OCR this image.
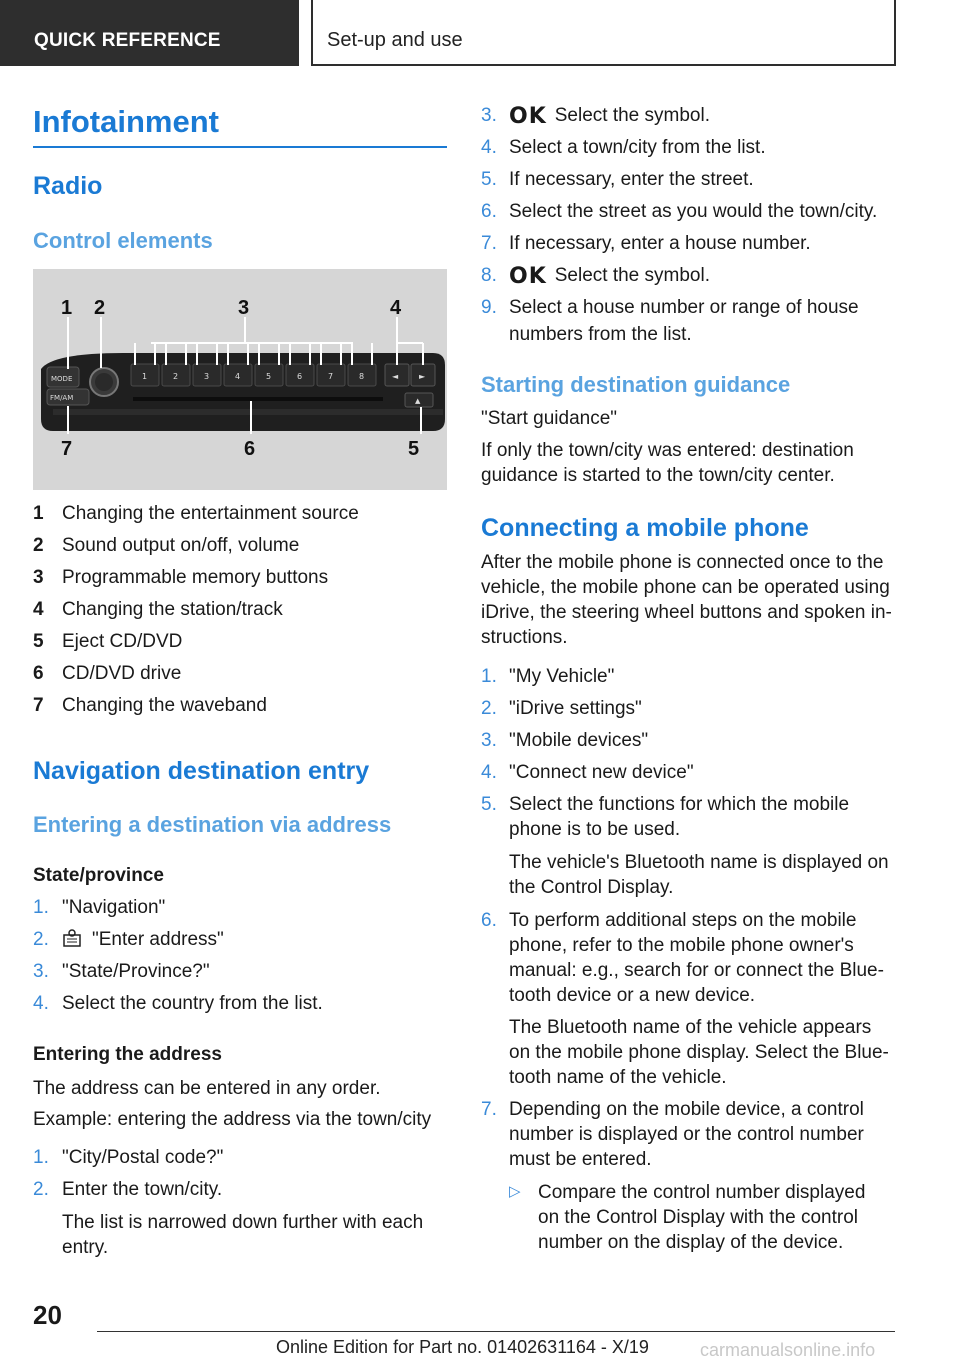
QUICK REFERENCE	Set-up and use
Infotainment
Radio
Control elements
MODE
FM/AM
1	2	3	4	5	6	7	8	◄	►
▲
1 2	3	4
7	6	5
1 Changing the entertainment source
2 Sound output on/off, volume
3 Programmable memory buttons
4 Changing the station/track
5 Eject CD/DVD
6 CD/DVD drive
7 Changing the waveband
Navigation destination entry
Entering a destination via address
State/province
1. "Navigation"
2.	"Enter address"
3. "State/Province?"
4. Select the country from the list.
Entering the address
The address can be entered in any order.
Example: entering the address via the town/city
1. "City/Postal code?"
2. Enter the town/city.
The list is narrowed down further with each
entry.
3. OK Select the symbol.
4. Select a town/city from the list.
5. If necessary, enter the street.
6. Select the street as you would the town/city.
7. If necessary, enter a house number.
8. OK Select the symbol.
9. Select a house number or range of house
numbers from the list.
Starting destination guidance
"Start guidance"
If only the town/city was entered: destination
guidance is started to the town/city center.
Connecting a mobile phone
After the mobile phone is connected once to the
vehicle, the mobile phone can be operated using
iDrive, the steering wheel buttons and spoken in-
structions.
1. "My Vehicle"
2. "iDrive settings"
3. "Mobile devices"
4. "Connect new device"
5. Select the functions for which the mobile
phone is to be used.
The vehicle's Bluetooth name is displayed on
the Control Display.
6. To perform additional steps on the mobile
phone, refer to the mobile phone owner's
manual: e.g., search for or connect the Blue-
tooth device or a new device.
The Bluetooth name of the vehicle appears
on the mobile phone display. Select the Blue-
tooth name of the vehicle.
7. Depending on the mobile device, a control
number is displayed or the control number
must be entered.
▷ Compare the control number displayed
on the Control Display with the control
number on the display of the device.
20
Online Edition for Part no. 01402631164 - X/19	carmanualsonline.info
